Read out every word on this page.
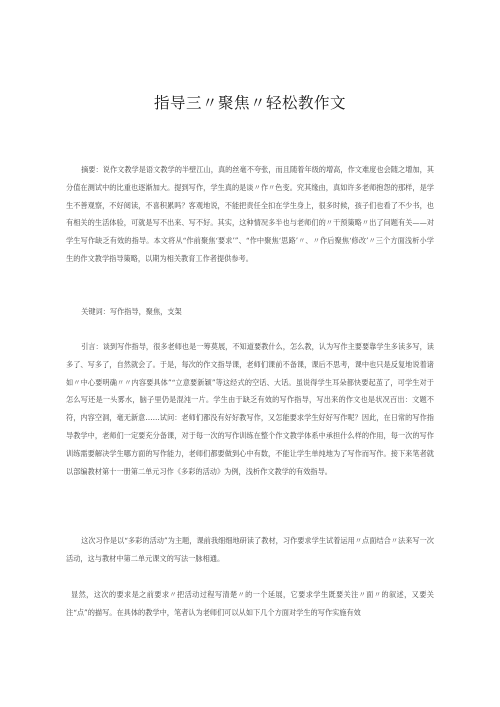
指导三〃聚焦〃轻松教作文

摘要：说作文教学是语文教学的半壁江山，真的丝毫不夸张，而且随着年级的增高，作文难度也会随之增加，其分值在测试中的比重也逐渐加大。提到写作，学生真的是谈〃作〃色变。究其缘由，真如许多老师抱怨的那样，是学生不善观察，不好阅读，不喜积累吗？客观地说，不能把责任全扣在学生身上，很多时候，孩子们也看了不少书，也有相关的生活体验，可就是写不出来、写不好。其实，这种情况多半也与老师们的〃干预策略〃出了问题有关——对学生写作缺乏有效的指导。本文将从“作前聚焦‘要求’”、“作中聚焦‘思路’〃、〃作后聚焦‘修改’〃三个方面浅析小学生的作文教学指导策略，以期为相关教育工作者提供参考。

关键词：写作指导，聚焦，支架

引言：谈到写作指导，很多老师也是一筹莫展，不知道要教什么，怎么教，认为写作主要要靠学生多读多写，读多了、写多了，自然就会了。于是，每次的作文指导课，老师们课前不备课，课后不思考，课中也只是反复地说着诸如〃中心要明确〃〃内容要具体”“立意要新颖”等这经式的空话、大话。虽说得学生耳朵都快要起茧了，可学生对于怎么写还是一头雾水，脑子里仍是混沌一片。学生由于缺乏有效的写作指导，写出来的作文也是状况百出：文题不符，内容空洞，毫无新意……试问：老师们都没有好好教写作，又怎能要求学生好好写作呢？因此，在日常的写作指导教学中，老师们一定要充分备课，对于每一次的写作训练在整个作文教学体系中承担什么样的作用，每一次的写作训练需要解决学生哪方面的写作能力，老师们都要做到心中有数，不能让学生单纯地为了写作而写作。接下来笔者就以部编教材第十一册第二单元习作《多彩的活动》为例，浅析作文教学的有效指导。

这次习作是以“多彩的活动”为主题，课前我细细地研读了教材，习作要求学生试着运用〃点面结合〃法来写一次活动，这与教材中第二单元课文的写法一脉相通。

显然，这次的要求是之前要求〃把活动过程写清楚〃的一个延展，它要求学生既要关注〃面〃的叙述，又要关注“点”的描写。在具体的教学中，笔者认为老师们可以从如下几个方面对学生的写作实施有效
